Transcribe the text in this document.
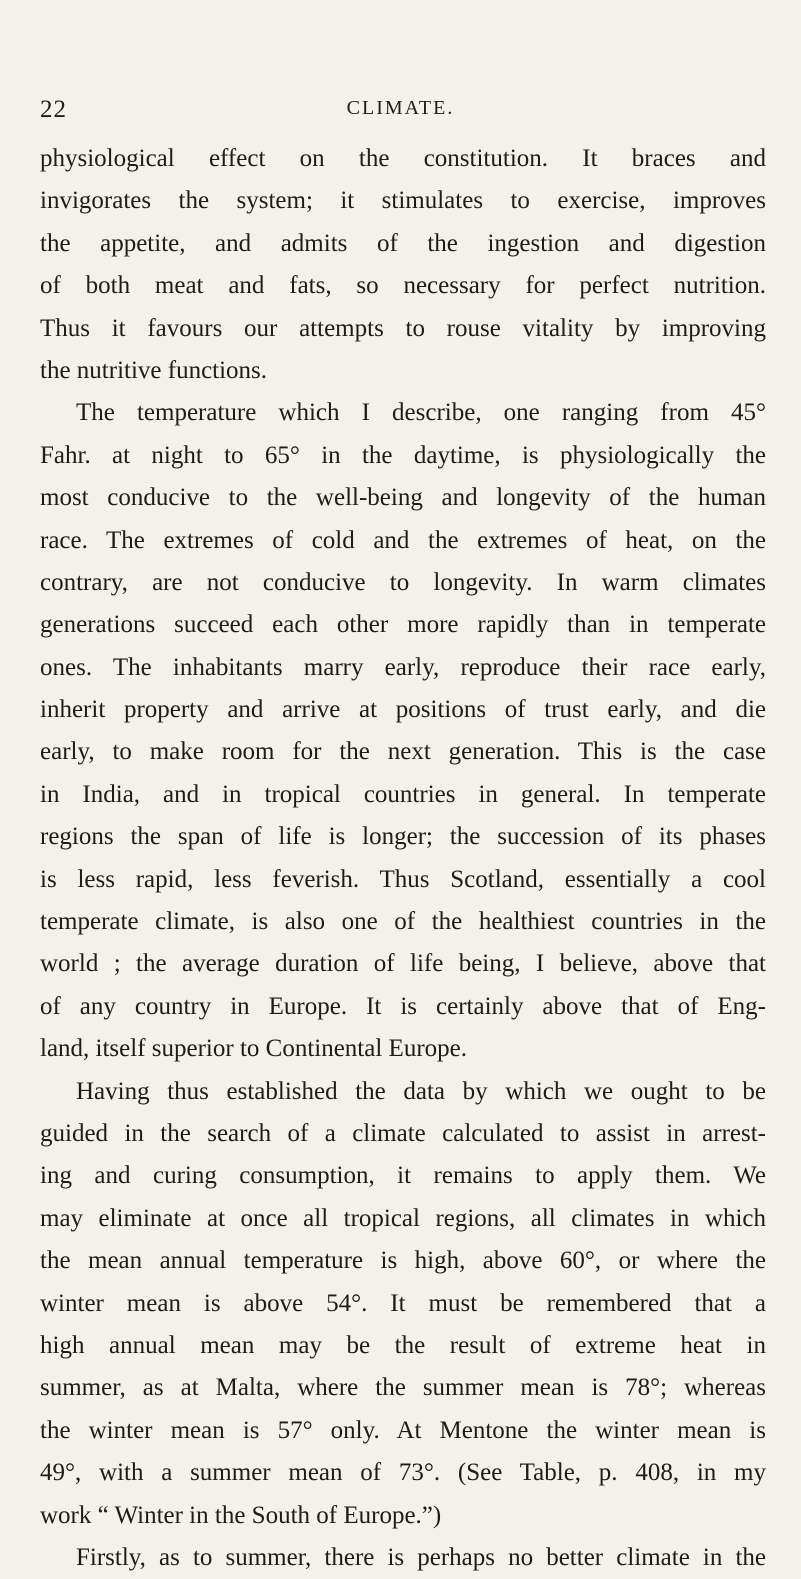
22	CLIMATE.
physiological effect on the constitution. It braces and
invigorates the system; it stimulates to exercise, improves
the appetite, and admits of the ingestion and digestion
of both meat and fats, so necessary for perfect nutrition.
Thus it favours our attempts to rouse vitality by improving
the nutritive functions.
The temperature which I describe, one ranging from 45°
Fahr. at night to 65° in the daytime, is physiologically the
most conducive to the well-being and longevity of the human
race. The extremes of cold and the extremes of heat, on the
contrary, are not conducive to longevity. In warm climates
generations succeed each other more rapidly than in temperate
ones. The inhabitants marry early, reproduce their race early,
inherit property and arrive at positions of trust early, and die
early, to make room for the next generation. This is the case
in India, and in tropical countries in general. In temperate
regions the span of life is longer; the succession of its phases
is less rapid, less feverish. Thus Scotland, essentially a cool
temperate climate, is also one of the healthiest countries in the
world ; the average duration of life being, I believe, above that
of any country in Europe. It is certainly above that of Eng-
land, itself superior to Continental Europe.
Having thus established the data by which we ought to be
guided in the search of a climate calculated to assist in arrest-
ing and curing consumption, it remains to apply them. We
may eliminate at once all tropical regions, all climates in which
the mean annual temperature is high, above 60°, or where the
winter mean is above 54°. It must be remembered that a
high annual mean may be the result of extreme heat in
summer, as at Malta, where the summer mean is 78°; whereas
the winter mean is 57° only. At Mentone the winter mean is
49°, with a summer mean of 73°. (See Table, p. 408, in my
work “ Winter in the South of Europe.”)
Firstly, as to summer, there is perhaps no better climate in the
